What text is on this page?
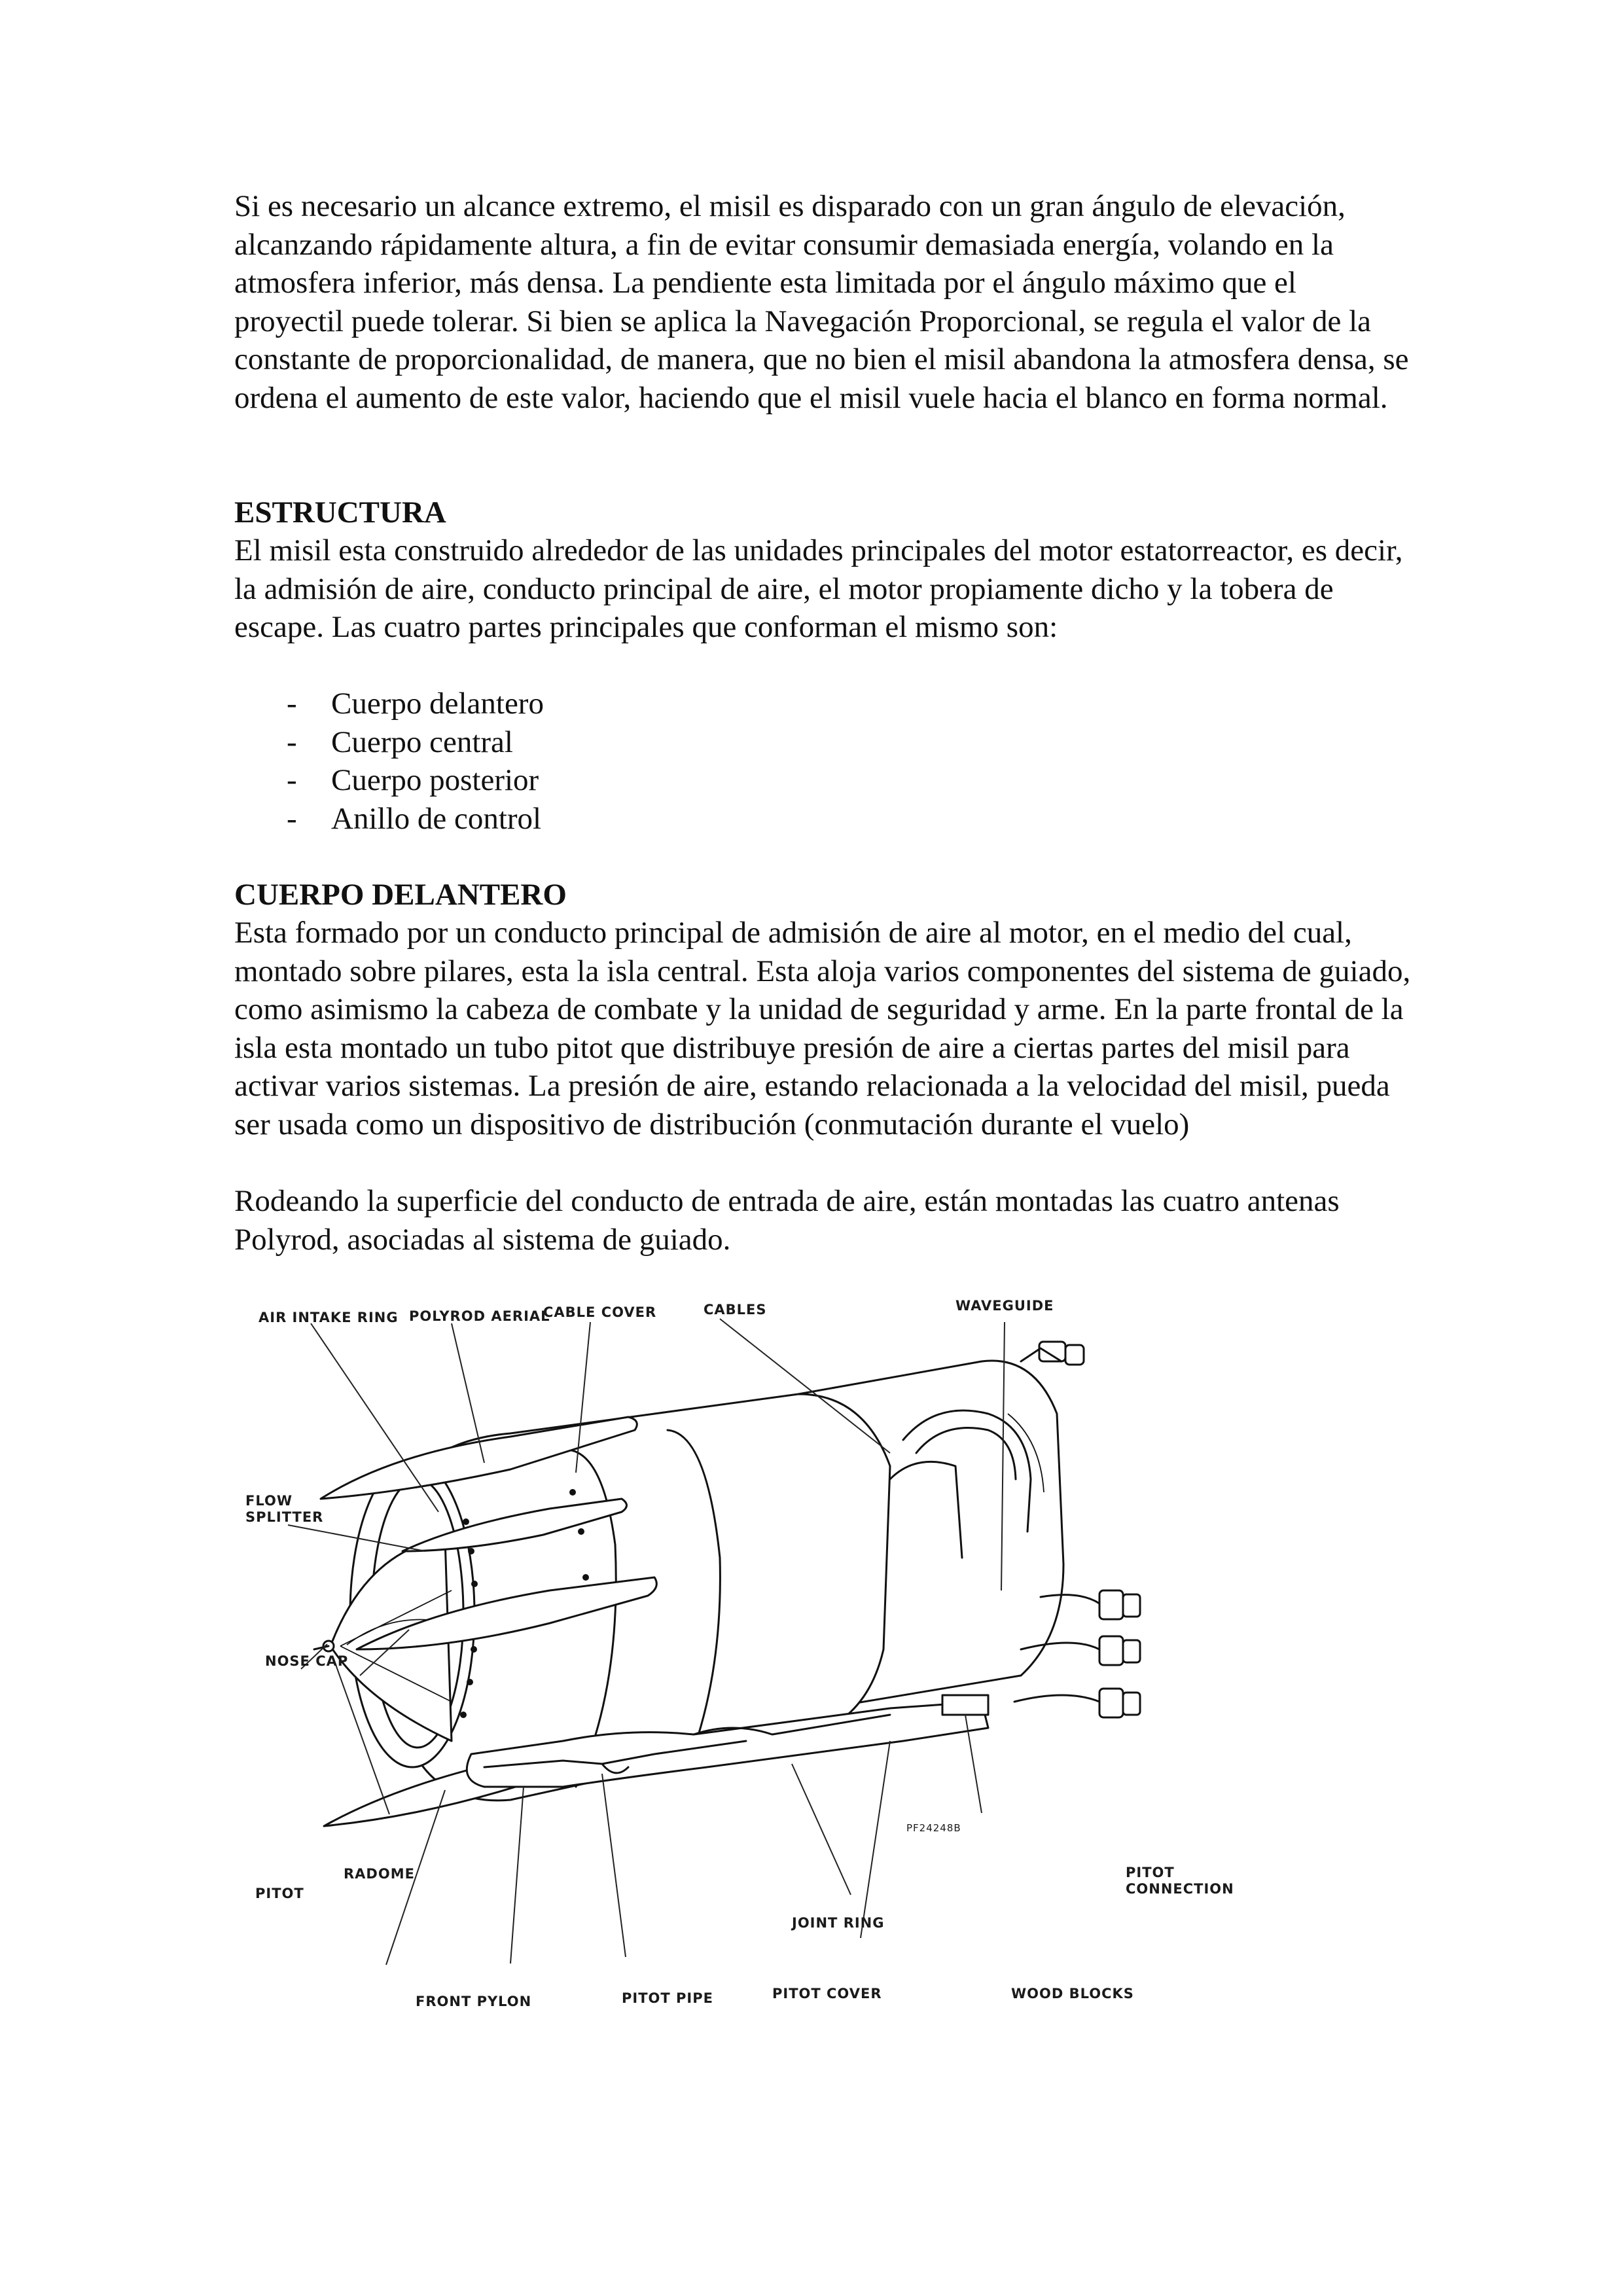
Si es necesario un alcance extremo, el misil es disparado con un gran ángulo de elevación, alcanzando rápidamente altura, a fin de evitar consumir demasiada energía, volando en la atmosfera inferior, más densa. La pendiente esta limitada por el ángulo máximo que el proyectil puede tolerar. Si bien se aplica la Navegación Proporcional, se regula el valor de la constante de proporcionalidad, de manera, que no bien el misil abandona la atmosfera densa, se ordena el aumento de este valor, haciendo que el misil vuele hacia el blanco en forma normal.

ESTRUCTURA

El misil esta construido alrededor de las unidades principales del motor estatorreactor, es decir, la admisión de aire, conducto principal de aire, el motor propiamente dicho y la tobera de escape. Las cuatro partes principales que conforman el mismo son:

- Cuerpo delantero
- Cuerpo central
- Cuerpo posterior
- Anillo de control
CUERPO DELANTERO

Esta formado por un conducto principal de admisión de aire al motor, en el medio del cual, montado sobre pilares, esta la isla central. Esta aloja varios componentes del sistema de guiado, como asimismo la cabeza de combate y la unidad de seguridad y arme. En la parte frontal de la isla esta montado un tubo pitot que distribuye presión de aire a ciertas partes del misil para activar varios sistemas. La presión de aire, estando relacionada a la velocidad del misil, pueda ser usada como un dispositivo de distribución (conmutación durante el vuelo)

Rodeando la superficie del conducto de entrada de aire, están montadas las cuatro antenas Polyrod, asociadas al sistema de guiado.

AIR INTAKE RING POLYROD AERIAL
CABLE COVER	CABLES	WAVEGUIDE
FLOW
SPLITTER
NOSE CAP
RADOME
PITOT
PITOT
CONNECTION
JOINT RING
FRONT PYLON	PITOT PIPE	PITOT COVER	WOOD BLOCKS
PF24248B
